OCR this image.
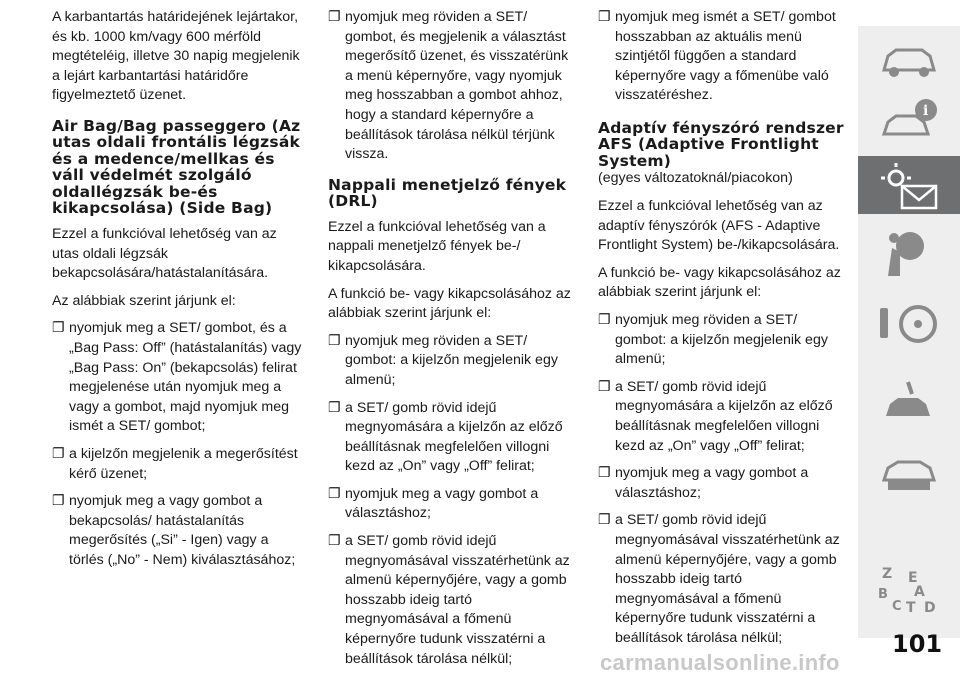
A karbantartás határidejének lejártakor, és kb. 1000 km/vagy 600 mérföld megtételéig, illetve 30 napig megjelenik a lejárt karbantartási határidőre figyelmeztető üzenet.

Air Bag/Bag passeggero (Az utas oldali frontális légzsák és a medence/mellkas és váll védelmét szolgáló oldallégzsák be-és kikapcsolása) (Side Bag)

Ezzel a funkcióval lehetőség van az utas oldali légzsák bekapcsolására/hatástalanítására.

Az alábbiak szerint járjunk el:

❐ nyomjuk meg a SET/ gombot, és a „Bag Pass: Off” (hatástalanítás) vagy „Bag Pass: On” (bekapcsolás) felirat megjelenése után nyomjuk meg a vagy a gombot, majd nyomjuk meg ismét a SET/ gombot;
❐ a kijelzőn megjelenik a megerősítést kérő üzenet;
❐ nyomjuk meg a vagy gombot a bekapcsolás/ hatástalanítás megerősítés („Si” - Igen) vagy a törlés („No” - Nem) kiválasztásához;
❐ nyomjuk meg röviden a SET/ gombot, és megjelenik a választást megerősítő üzenet, és visszatérünk a menü képernyőre, vagy nyomjuk meg hosszabban a gombot ahhoz, hogy a standard képernyőre a beállítások tárolása nélkül térjünk vissza.
Nappali menetjelző fények (DRL)

Ezzel a funkcióval lehetőség van a nappali menetjelző fények be-/ kikapcsolására.

A funkció be- vagy kikapcsolásához az alábbiak szerint járjunk el:

❐ nyomjuk meg röviden a SET/ gombot: a kijelzőn megjelenik egy almenü;
❐ a SET/ gomb rövid idejű megnyomására a kijelzőn az előző beállításnak megfelelően villogni kezd az „On” vagy „Off” felirat;
❐ nyomjuk meg a vagy gombot a választáshoz;
❐ a SET/ gomb rövid idejű megnyomásával visszatérhetünk az almenü képernyőjére, vagy a gomb hosszabb ideig tartó megnyomásával a főmenü képernyőre tudunk visszatérni a beállítások tárolása nélkül;
❐ nyomjuk meg ismét a SET/ gombot hosszabban az aktuális menü szintjétől függően a standard képernyőre vagy a főmenübe való visszatéréshez.
Adaptív fényszóró rendszer AFS (Adaptive Frontlight System)

(egyes változatoknál/piacokon)

Ezzel a funkcióval lehetőség van az adaptív fényszórók (AFS - Adaptive Frontlight System) be-/kikapcsolására.

A funkció be- vagy kikapcsolásához az alábbiak szerint járjunk el:

❐ nyomjuk meg röviden a SET/ gombot: a kijelzőn megjelenik egy almenü;
❐ a SET/ gomb rövid idejű megnyomására a kijelzőn az előző beállításnak megfelelően villogni kezd az „On” vagy „Off” felirat;
❐ nyomjuk meg a vagy gombot a választáshoz;
❐ a SET/ gomb rövid idejű megnyomásával visszatérhetünk az almenü képernyőjére, vagy a gomb hosszabb ideig tartó megnyomásával a főmenü képernyőre tudunk visszatérni a beállítások tárolása nélkül;
i
Z E
A
B
C T D
101
carmanualsonline.info
